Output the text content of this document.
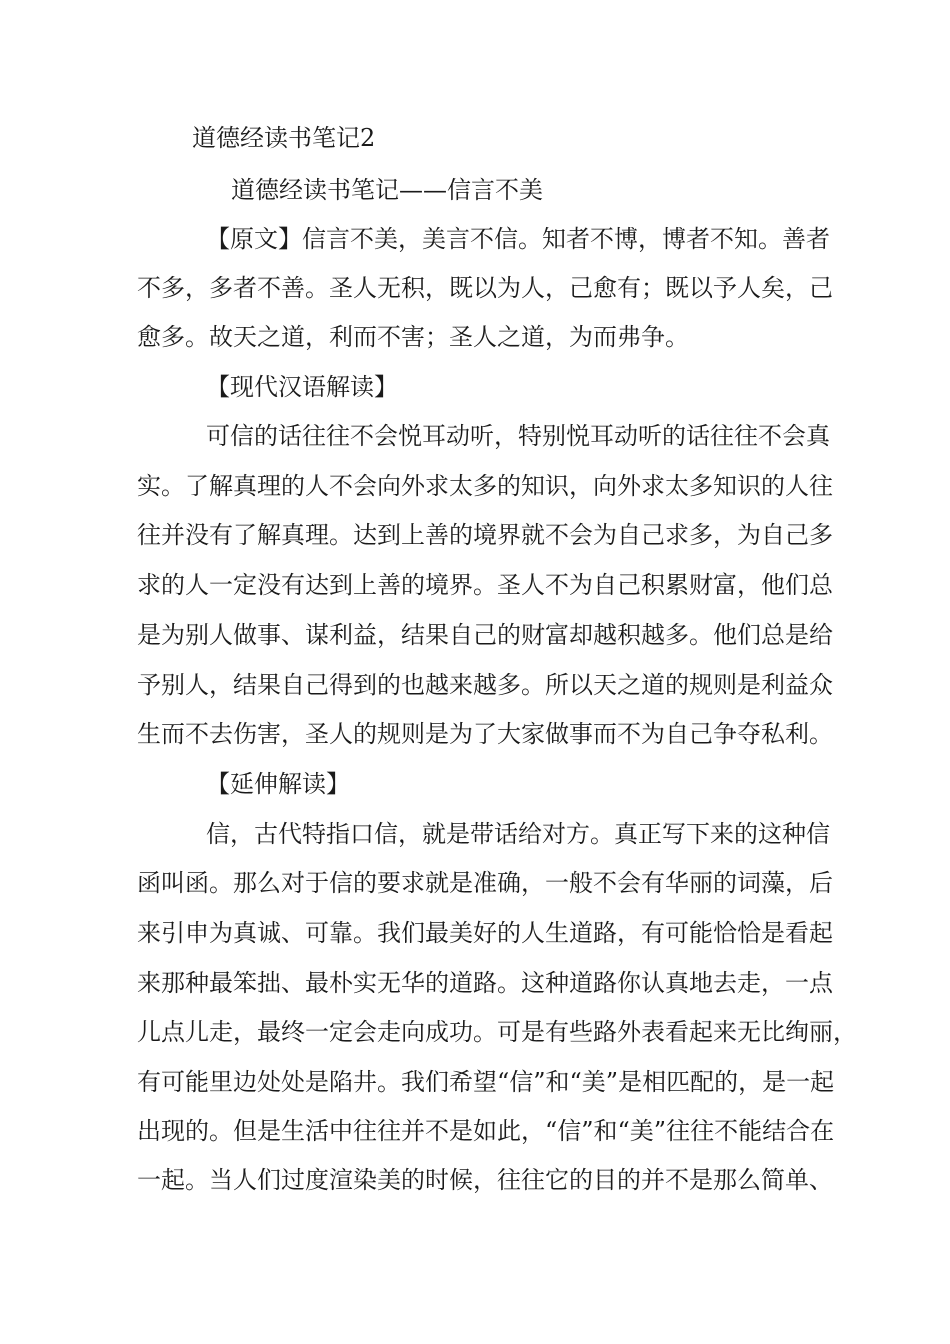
道德经读书笔记2
道德经读书笔记——信言不美
【原文】信言不美，美言不信。知者不博，博者不知。善者
不多，多者不善。圣人无积，既以为人，己愈有；既以予人矣，己
愈多。故天之道，利而不害；圣人之道，为而弗争。
【现代汉语解读】
可信的话往往不会悦耳动听，特别悦耳动听的话往往不会真
实。了解真理的人不会向外求太多的知识，向外求太多知识的人往
往并没有了解真理。达到上善的境界就不会为自己求多，为自己多
求的人一定没有达到上善的境界。圣人不为自己积累财富，他们总
是为别人做事、谋利益，结果自己的财富却越积越多。他们总是给
予别人，结果自己得到的也越来越多。所以天之道的规则是利益众
生而不去伤害，圣人的规则是为了大家做事而不为自己争夺私利。
【延伸解读】
信，古代特指口信，就是带话给对方。真正写下来的这种信
函叫函。那么对于信的要求就是准确，一般不会有华丽的词藻，后
来引申为真诚、可靠。我们最美好的人生道路，有可能恰恰是看起
来那种最笨拙、最朴实无华的道路。这种道路你认真地去走，一点
儿点儿走，最终一定会走向成功。可是有些路外表看起来无比绚丽，
有可能里边处处是陷井。我们希望“信”和“美”是相匹配的，是一起
出现的。但是生活中往往并不是如此，“信”和“美”往往不能结合在
一起。当人们过度渲染美的时候，往往它的目的并不是那么简单、
